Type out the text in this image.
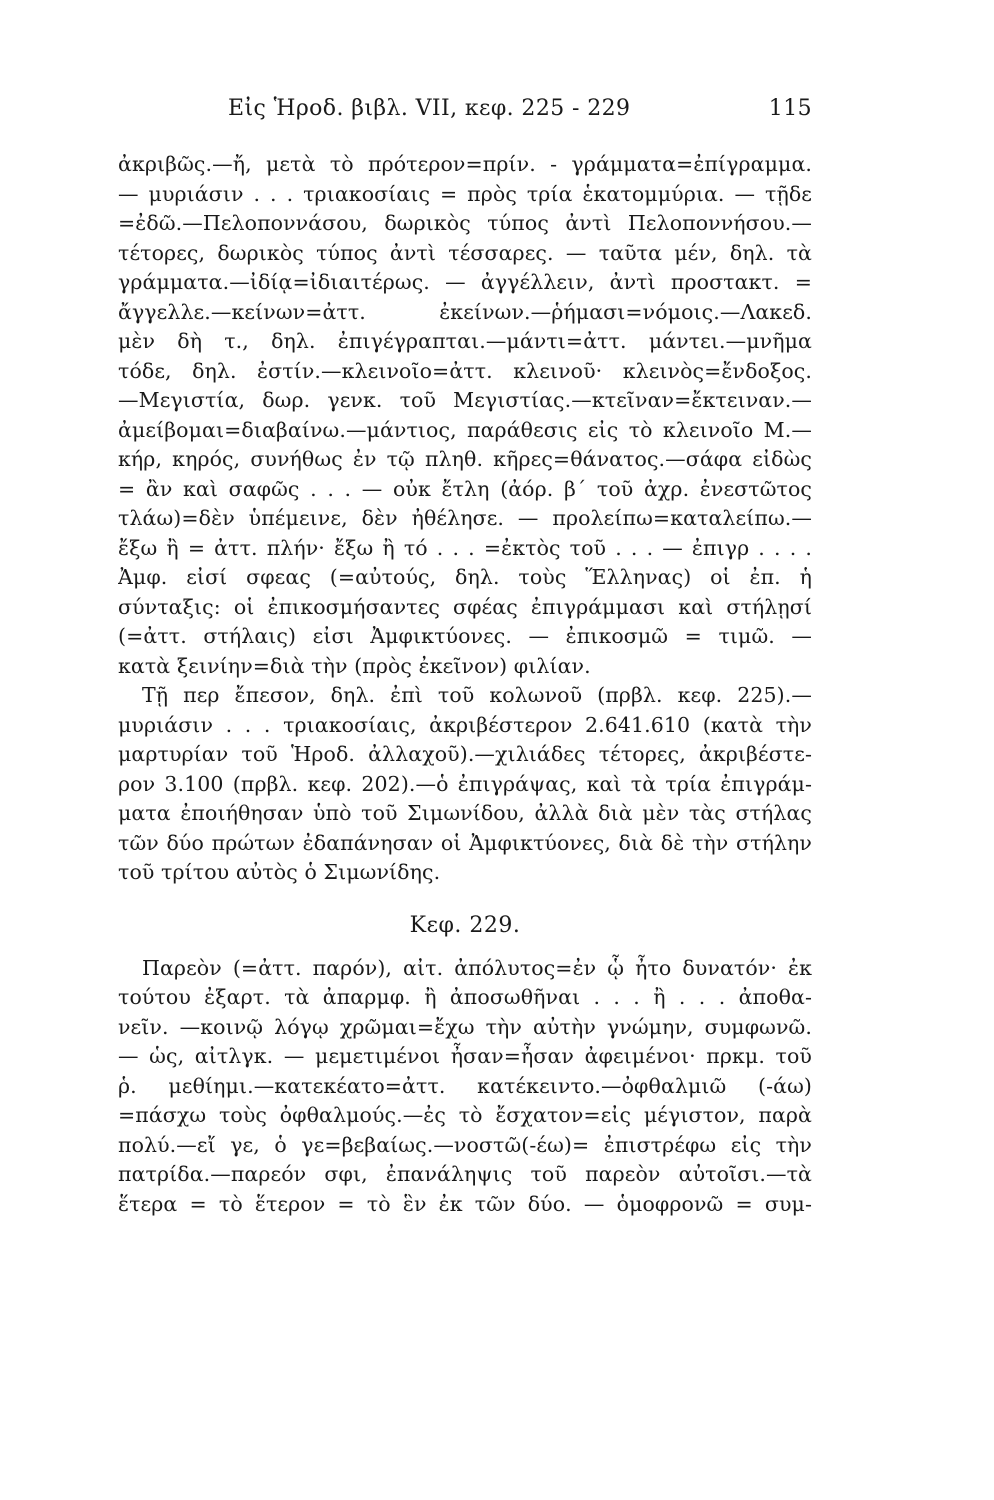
Εἰς Ἡροδ. βιβλ. VII, κεφ. 225 - 229	115
ἀκριβῶς.—ἤ, μετὰ τὸ πρότερον=πρίν. - γράμματα=ἐπίγραμμα.
— μυριάσιν . . . τριακοσίαις = πρὸς τρία ἑκατομμύρια. — τῇδε
=ἐδῶ.—Πελοποννάσου, δωρικὸς τύπος ἀντὶ Πελοποννήσου.—
τέτορες, δωρικὸς τύπος ἀντὶ τέσσαρες. — ταῦτα μέν, δηλ. τὰ
γράμματα.—ἰδίᾳ=ἰδιαιτέρως. — ἀγγέλλειν, ἀντὶ προστακτ. =
ἄγγελλε.—κείνων=ἀττ. ἐκείνων.—ῥήμασι=νόμοις.—Λακεδ.
μὲν δὴ τ., δηλ. ἐπιγέγραπται.—μάντι=ἀττ. μάντει.—μνῆμα
τόδε, δηλ. ἐστίν.—κλεινοῖο=ἀττ. κλεινοῦ· κλεινὸς=ἔνδοξος.
—Μεγιστία, δωρ. γενκ. τοῦ Μεγιστίας.—κτεῖναν=ἔκτειναν.—
ἀμείβομαι=διαβαίνω.—μάντιος, παράθεσις εἰς τὸ κλεινοῖο Μ.—
κήρ, κηρός, συνήθως ἐν τῷ πληθ. κῆρες=θάνατος.—σάφα εἰδὼς
= ἂν καὶ σαφῶς . . . — οὐκ ἔτλη (ἀόρ. β΄ τοῦ ἀχρ. ἐνεστῶτος
τλάω)=δὲν ὑπέμεινε, δὲν ἠθέλησε. — προλείπω=καταλείπω.—
ἔξω ἢ = ἀττ. πλήν· ἔξω ἢ τό . . . =ἐκτὸς τοῦ . . . — ἐπιγρ . . . .
Ἀμφ. εἰσί σφεας (=αὐτούς, δηλ. τοὺς Ἕλληνας) οἱ ἐπ. ἡ
σύνταξις: οἱ ἐπικοσμήσαντες σφέας ἐπιγράμμασι καὶ στήλῃσί
(=ἀττ. στήλαις) εἰσι Ἀμφικτύονες. — ἐπικοσμῶ = τιμῶ. —
κατὰ ξεινίην=διὰ τὴν (πρὸς ἐκεῖνον) φιλίαν.
Τῇ περ ἔπεσον, δηλ. ἐπὶ τοῦ κολωνοῦ (πρβλ. κεφ. 225).—
μυριάσιν . . . τριακοσίαις, ἀκριβέστερον 2.641.610 (κατὰ τὴν
μαρτυρίαν τοῦ Ἡροδ. ἀλλαχοῦ).—χιλιάδες τέτορες, ἀκριβέστε-
ρον 3.100 (πρβλ. κεφ. 202).—ὁ ἐπιγράψας, καὶ τὰ τρία ἐπιγράμ-
ματα ἐποιήθησαν ὑπὸ τοῦ Σιμωνίδου, ἀλλὰ διὰ μὲν τὰς στήλας
τῶν δύο πρώτων ἐδαπάνησαν οἱ Ἀμφικτύονες, διὰ δὲ τὴν στήλην
τοῦ τρίτου αὐτὸς ὁ Σιμωνίδης.
Κεφ. 229.
Παρεὸν (=ἀττ. παρόν), αἰτ. ἀπόλυτος=ἐν ᾧ ἦτο δυνατόν· ἐκ
τούτου ἐξαρτ. τὰ ἀπαρμφ. ἢ ἀποσωθῆναι . . . ἢ . . . ἀποθα-
νεῖν. —κοινῷ λόγῳ χρῶμαι=ἔχω τὴν αὐτὴν γνώμην, συμφωνῶ.
— ὡς, αἰτλγκ. — μεμετιμένοι ἦσαν=ἦσαν ἀφειμένοι· πρκμ. τοῦ
ῥ. μεθίημι.—κατεκέατο=ἀττ. κατέκειντο.—ὀφθαλμιῶ (-άω)
=πάσχω τοὺς ὀφθαλμούς.—ἐς τὸ ἔσχατον=εἰς μέγιστον, παρὰ
πολύ.—εἴ γε, ὁ γε=βεβαίως.—νοστῶ(-έω)= ἐπιστρέφω εἰς τὴν
πατρίδα.—παρεόν σφι, ἐπανάληψις τοῦ παρεὸν αὐτοῖσι.—τὰ
ἕτερα = τὸ ἕτερον = τὸ ἓν ἐκ τῶν δύο. — ὁμοφρονῶ = συμ-
